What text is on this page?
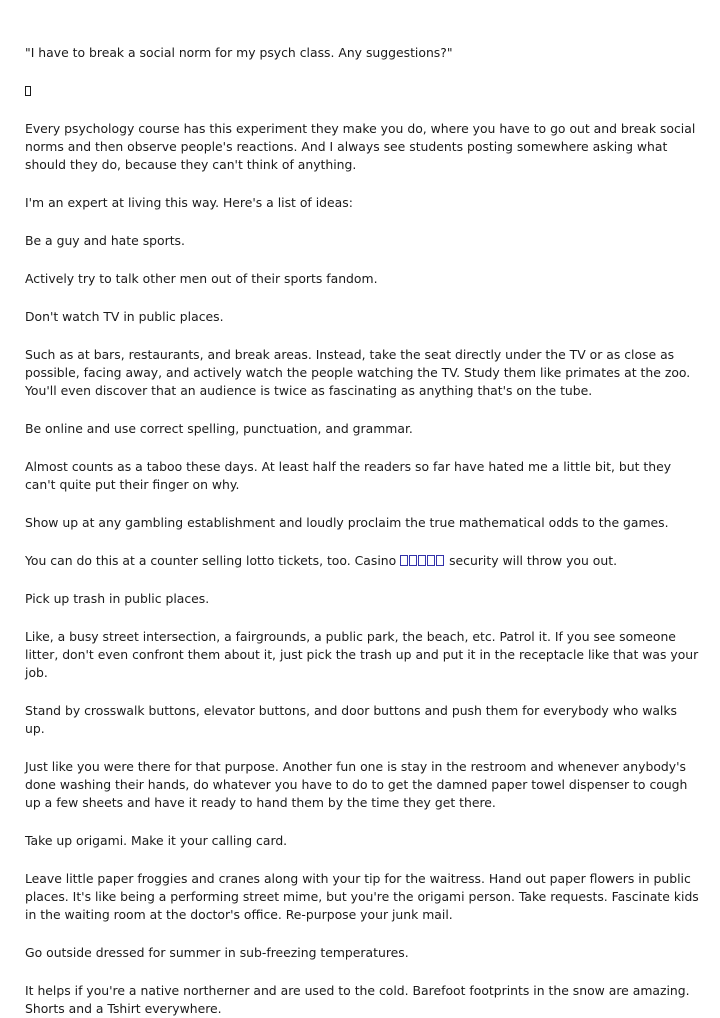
"I have to break a social norm for my psych class. Any suggestions?"

Every psychology course has this experiment they make you do, where you have to go out and break social norms and then observe people's reactions. And I always see students posting somewhere asking what should they do, because they can't think of anything.

I'm an expert at living this way. Here's a list of ideas:

Be a guy and hate sports.

Actively try to talk other men out of their sports fandom.

Don't watch TV in public places.

Such as at bars, restaurants, and break areas. Instead, take the seat directly under the TV or as close as possible, facing away, and actively watch the people watching the TV. Study them like primates at the zoo. You'll even discover that an audience is twice as fascinating as anything that's on the tube.

Be online and use correct spelling, punctuation, and grammar.

Almost counts as a taboo these days. At least half the readers so far have hated me a little bit, but they can't quite put their finger on why.

Show up at any gambling establishment and loudly proclaim the true mathematical odds to the games.

You can do this at a counter selling lotto tickets, too. Casino	security will throw you out.

Pick up trash in public places.

Like, a busy street intersection, a fairgrounds, a public park, the beach, etc. Patrol it. If you see someone litter, don't even confront them about it, just pick the trash up and put it in the receptacle like that was your job.

Stand by crosswalk buttons, elevator buttons, and door buttons and push them for everybody who walks up.

Just like you were there for that purpose. Another fun one is stay in the restroom and whenever anybody's done washing their hands, do whatever you have to do to get the damned paper towel dispenser to cough up a few sheets and have it ready to hand them by the time they get there.

Take up origami. Make it your calling card.

Leave little paper froggies and cranes along with your tip for the waitress. Hand out paper flowers in public places. It's like being a performing street mime, but you're the origami person. Take requests. Fascinate kids in the waiting room at the doctor's office. Re-purpose your junk mail.

Go outside dressed for summer in sub-freezing temperatures.

It helps if you're a native northerner and are used to the cold. Barefoot footprints in the snow are amazing. Shorts and a Tshirt everywhere.
